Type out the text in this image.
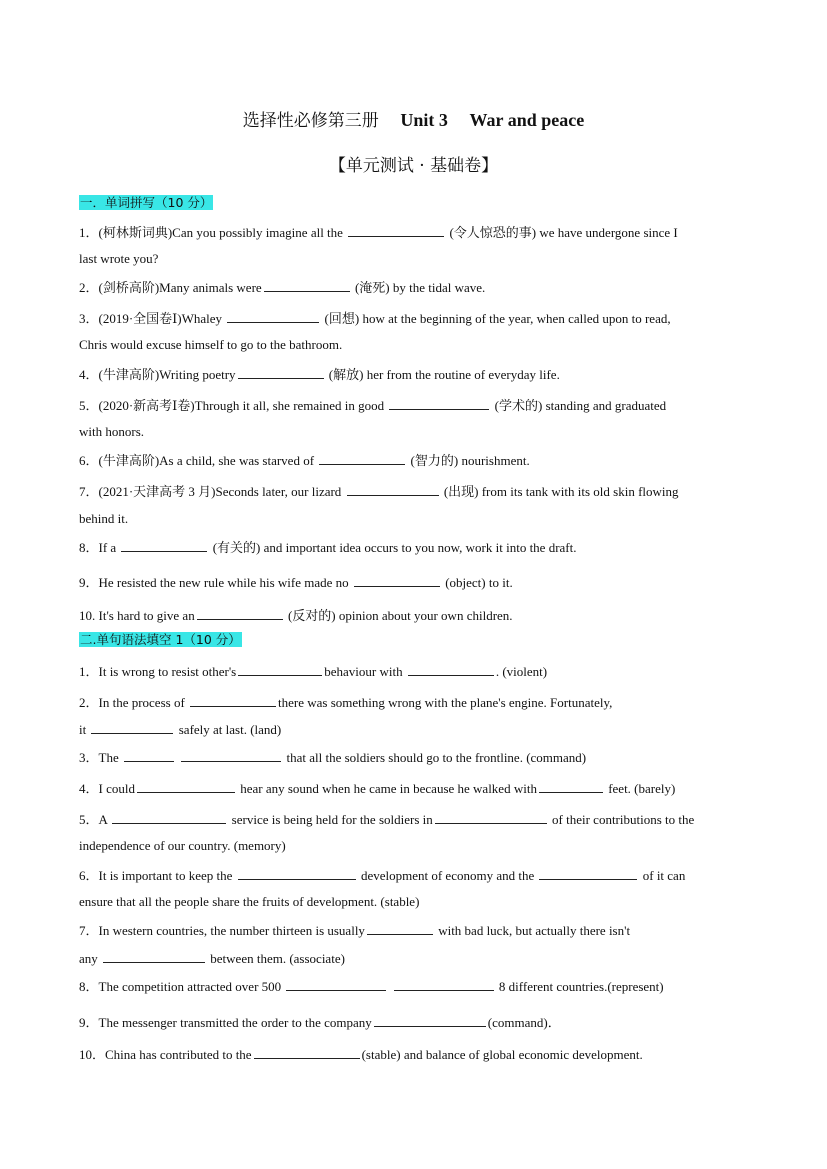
选择性必修第三册 Unit 3 War and peace
【单元测试 · 基础卷】
一．单词拼写（10 分）
1．(柯林斯词典)Can you possibly imagine all the	(令人惊恐的事) we have undergone since I
last wrote you?
2．(剑桥高阶)Many animals were	(淹死) by the tidal wave.
3．(2019·全国卷Ⅰ)Whaley	(回想) how at the beginning of the year, when called upon to read,
Chris would excuse himself to go to the bathroom.
4．(牛津高阶)Writing poetry	(解放) her from the routine of everyday life.
5．(2020·新高考Ⅰ卷)Through it all, she remained in good	(学术的) standing and graduated
with honors.
6．(牛津高阶)As a child, she was starved of	(智力的) nourishment.
7．(2021·天津高考 3 月)Seconds later, our lizard	(出现) from its tank with its old skin flowing
behind it.
8．If a	(有关的) and important idea occurs to you now, work it into the draft.
9．He resisted the new rule while his wife made no	(object) to it.
10. It's hard to give an	(反对的) opinion about your own children.
二.单句语法填空 1（10 分）
1．It is wrong to resist other's	behaviour with	. (violent)
2．In the process of	there was something wrong with the plane's engine. Fortunately,
it	safely at last. (land)
3．The	that all the soldiers should go to the frontline. (command)
4．I could	hear any sound when he came in because he walked with	feet. (barely)
5．A	service is being held for the soldiers in	of their contributions to the
independence of our country. (memory)
6．It is important to keep the	development of economy and the	of it can
ensure that all the people share the fruits of development. (stable)
7．In western countries, the number thirteen is usually	with bad luck, but actually there isn't
any	between them. (associate)
8．The competition attracted over 500	8 different countries.(represent)
9．The messenger transmitted the order to the company	(command)．
10．China has contributed to the	(stable) and balance of global economic development.
